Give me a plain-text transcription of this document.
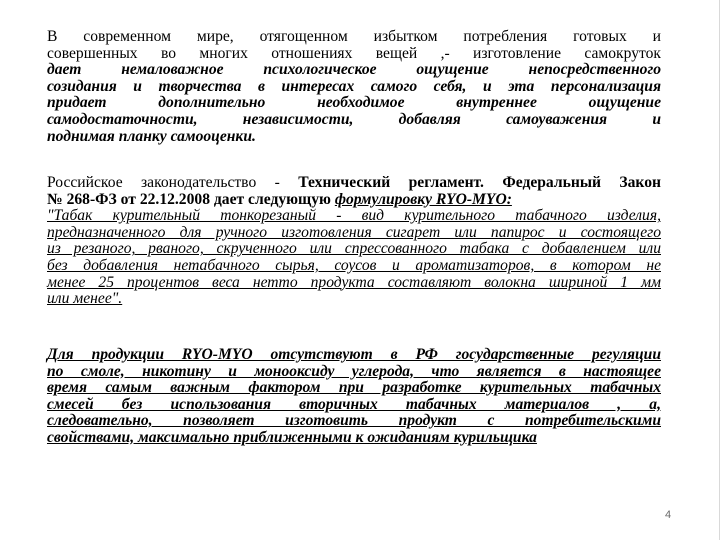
В современном мире, отягощенном избытком потребления готовых и
совершенных во многих отношениях вещей ,- изготовление самокруток
дает немаловажное психологическое ощущение непосредственного
созидания и творчества в интересах самого себя, и эта персонализация
придает дополнительно необходимое внутреннее ощущение
самодостаточности, независимости, добавляя самоуважения и
поднимая планку самооценки.
Российское законодательство - Технический регламент. Федеральный Закон
№ 268-ФЗ от 22.12.2008 дает следующую формулировку RYO-MYO:
"Табак курительный тонкорезаный - вид курительного табачного изделия,
предназначенного для ручного изготовления сигарет или папирос и состоящего
из резаного, рваного, скрученного или спрессованного табака с добавлением или
без добавления нетабачного сырья, соусов и ароматизаторов, в котором не
менее 25 процентов веса нетто продукта составляют волокна шириной 1 мм
или менее".
Для продукции RYO-MYO отсутствуют в РФ государственные регуляции
по смоле, никотину и монооксиду углерода, что является в настоящее
время самым важным фактором при разработке курительных табачных
смесей без использования вторичных табачных материалов , а,
следовательно, позволяет изготовить продукт с потребительскими
свойствами, максимально приближенными к ожиданиям курильщика
4
